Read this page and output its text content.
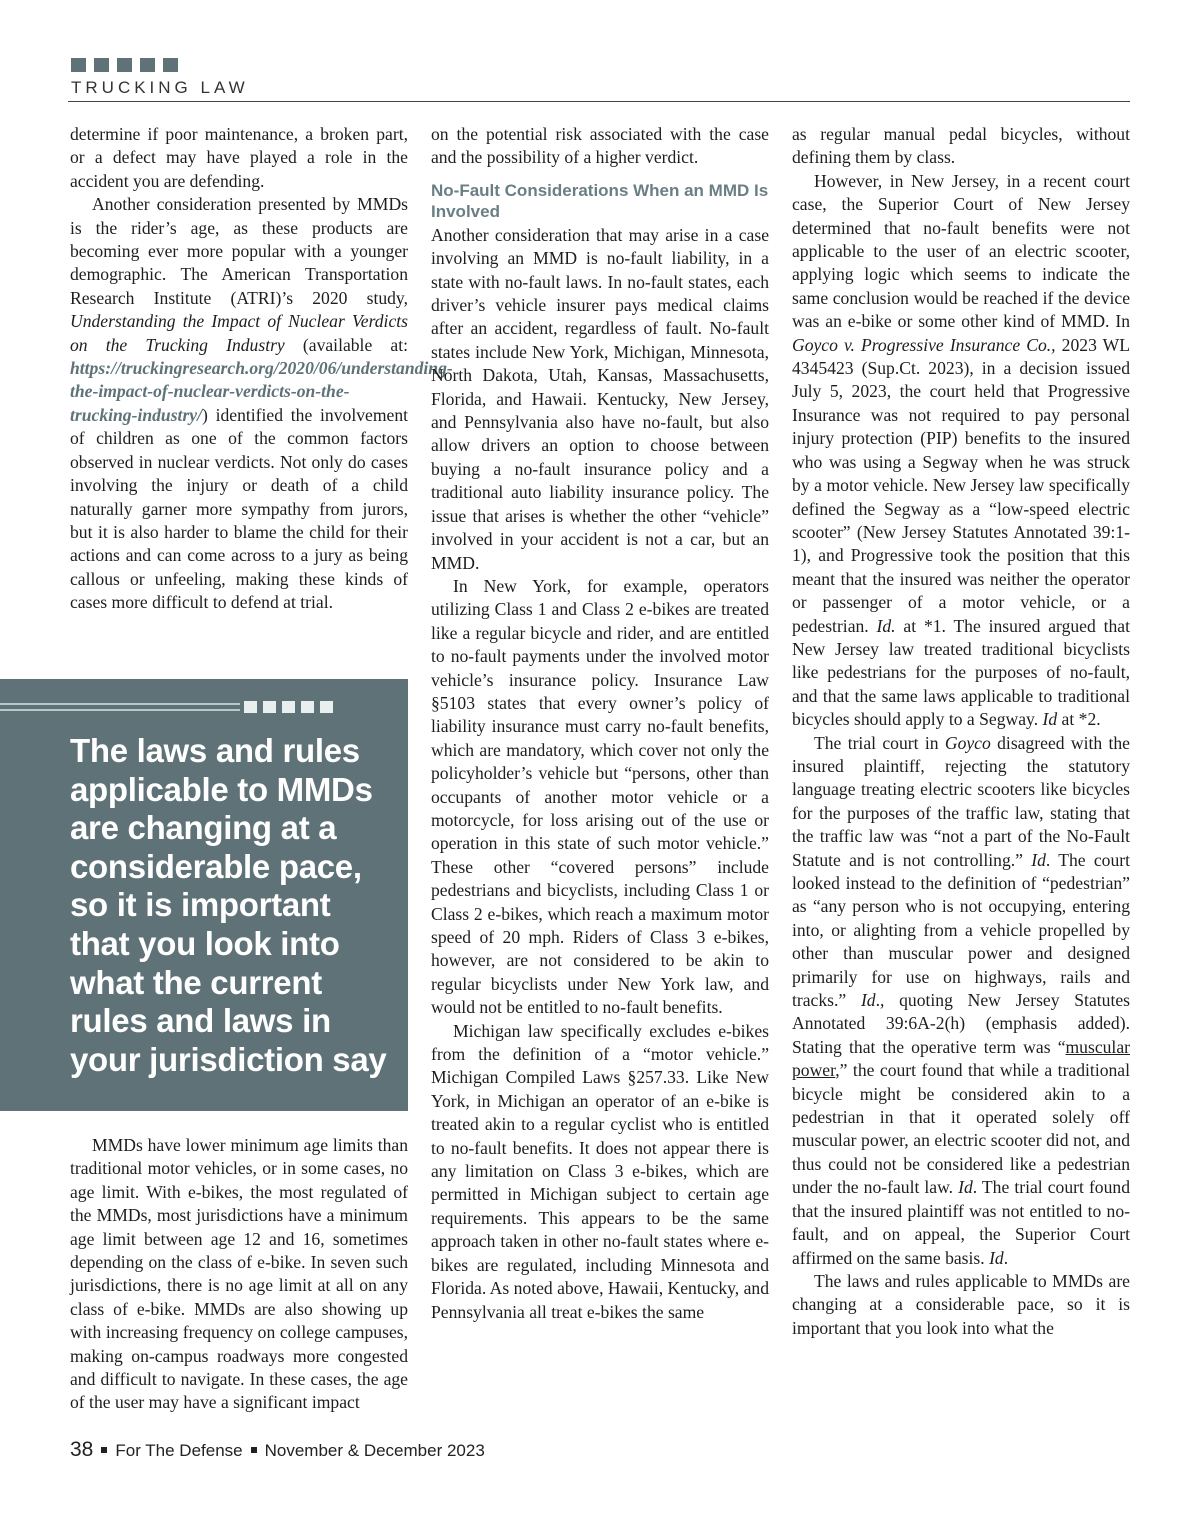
TRUCKING LAW

determine if poor maintenance, a broken part, or a defect may have played a role in the accident you are defending.

Another consideration presented by MMDs is the rider’s age, as these products are becoming ever more popular with a younger demographic. The American Transportation Research Institute (ATRI)’s 2020 study, Understanding the Impact of Nuclear Verdicts on the Trucking Industry (available at: https://truckingresearch.org/2020/06/understanding-the-impact-of-nuclear-verdicts-on-the-trucking-industry/) identified the involvement of children as one of the common factors observed in nuclear verdicts. Not only do cases involving the injury or death of a child naturally garner more sympathy from jurors, but it is also harder to blame the child for their actions and can come across to a jury as being callous or unfeeling, making these kinds of cases more difficult to defend at trial.

The laws and rules applicable to MMDs are changing at a considerable pace, so it is important that you look into what the current rules and laws in your jurisdiction say

MMDs have lower minimum age limits than traditional motor vehicles, or in some cases, no age limit. With e-bikes, the most regulated of the MMDs, most jurisdictions have a minimum age limit between age 12 and 16, sometimes depending on the class of e-bike. In seven such jurisdictions, there is no age limit at all on any class of e-bike. MMDs are also showing up with increasing frequency on college campuses, making on-campus roadways more congested and difficult to navigate. In these cases, the age of the user may have a significant impact

on the potential risk associated with the case and the possibility of a higher verdict.

No-Fault Considerations When an MMD Is Involved

Another consideration that may arise in a case involving an MMD is no-fault liability, in a state with no-fault laws. In no-fault states, each driver’s vehicle insurer pays medical claims after an accident, regardless of fault. No-fault states include New York, Michigan, Minnesota, North Dakota, Utah, Kansas, Massachusetts, Florida, and Hawaii. Kentucky, New Jersey, and Pennsylvania also have no-fault, but also allow drivers an option to choose between buying a no-fault insurance policy and a traditional auto liability insurance policy. The issue that arises is whether the other “vehicle” involved in your accident is not a car, but an MMD.

In New York, for example, operators utilizing Class 1 and Class 2 e-bikes are treated like a regular bicycle and rider, and are entitled to no-fault payments under the involved motor vehicle’s insurance policy. Insurance Law §5103 states that every owner’s policy of liability insurance must carry no-fault benefits, which are mandatory, which cover not only the policyholder’s vehicle but “persons, other than occupants of another motor vehicle or a motorcycle, for loss arising out of the use or operation in this state of such motor vehicle.” These other “covered persons” include pedestrians and bicyclists, including Class 1 or Class 2 e-bikes, which reach a maximum motor speed of 20 mph. Riders of Class 3 e-bikes, however, are not considered to be akin to regular bicyclists under New York law, and would not be entitled to no-fault benefits.

Michigan law specifically excludes e-bikes from the definition of a “motor vehicle.” Michigan Compiled Laws §257.33. Like New York, in Michigan an operator of an e-bike is treated akin to a regular cyclist who is entitled to no-fault benefits. It does not appear there is any limitation on Class 3 e-bikes, which are permitted in Michigan subject to certain age requirements. This appears to be the same approach taken in other no-fault states where e-bikes are regulated, including Minnesota and Florida. As noted above, Hawaii, Kentucky, and Pennsylvania all treat e-bikes the same

as regular manual pedal bicycles, without defining them by class.

However, in New Jersey, in a recent court case, the Superior Court of New Jersey determined that no-fault benefits were not applicable to the user of an electric scooter, applying logic which seems to indicate the same conclusion would be reached if the device was an e-bike or some other kind of MMD. In Goyco v. Progressive Insurance Co., 2023 WL 4345423 (Sup.Ct. 2023), in a decision issued July 5, 2023, the court held that Progressive Insurance was not required to pay personal injury protection (PIP) benefits to the insured who was using a Segway when he was struck by a motor vehicle. New Jersey law specifically defined the Segway as a “low-speed electric scooter” (New Jersey Statutes Annotated 39:1-1), and Progressive took the position that this meant that the insured was neither the operator or passenger of a motor vehicle, or a pedestrian. Id. at *1. The insured argued that New Jersey law treated traditional bicyclists like pedestrians for the purposes of no-fault, and that the same laws applicable to traditional bicycles should apply to a Segway. Id at *2.

The trial court in Goyco disagreed with the insured plaintiff, rejecting the statutory language treating electric scooters like bicycles for the purposes of the traffic law, stating that the traffic law was “not a part of the No-Fault Statute and is not controlling.” Id. The court looked instead to the definition of “pedestrian” as “any person who is not occupying, entering into, or alighting from a vehicle propelled by other than muscular power and designed primarily for use on highways, rails and tracks.” Id., quoting New Jersey Statutes Annotated 39:6A-2(h) (emphasis added). Stating that the operative term was “muscular power,” the court found that while a traditional bicycle might be considered akin to a pedestrian in that it operated solely off muscular power, an electric scooter did not, and thus could not be considered like a pedestrian under the no-fault law. Id. The trial court found that the insured plaintiff was not entitled to no-fault, and on appeal, the Superior Court affirmed on the same basis. Id.

The laws and rules applicable to MMDs are changing at a considerable pace, so it is important that you look into what the

38 For The Defense November & December 2023
